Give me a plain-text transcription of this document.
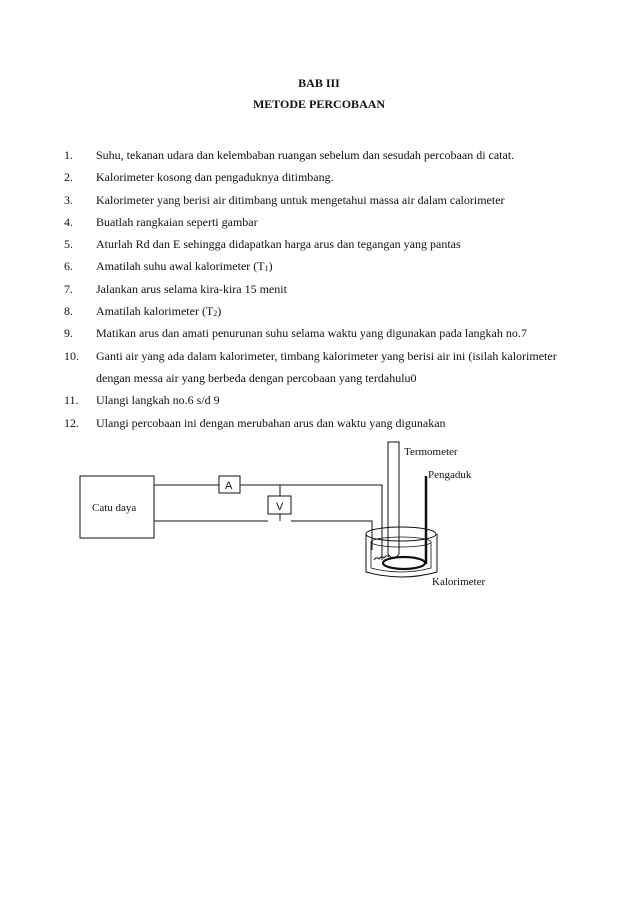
BAB III
METODE PERCOBAAN
1. Suhu, tekanan udara dan kelembaban ruangan sebelum dan sesudah percobaan di catat.
2. Kalorimeter kosong dan pengaduknya ditimbang.
3. Kalorimeter yang berisi air ditimbang untuk mengetahui massa air dalam calorimeter
4. Buatlah rangkaian seperti gambar
5. Aturlah Rd dan E sehingga didapatkan harga arus dan tegangan yang pantas
6. Amatilah suhu awal kalorimeter $(T_1)$
7. Jalankan arus selama kira-kira 15 menit
8. Amatilah kalorimeter $(T_2)$
9. Matikan arus dan amati penurunan suhu selama waktu yang digunakan pada langkah no.7
10. Ganti air yang ada dalam kalorimeter, timbang kalorimeter yang berisi air ini (isilah kalorimeter dengan messa air yang berbeda dengan percobaan yang terdahulu0
11. Ulangi langkah no.6 s/d 9
12. Ulangi percobaan ini dengan merubahan arus dan waktu yang digunakan
Catu daya
A
V
Termometer
Pengaduk
Kalorimeter
